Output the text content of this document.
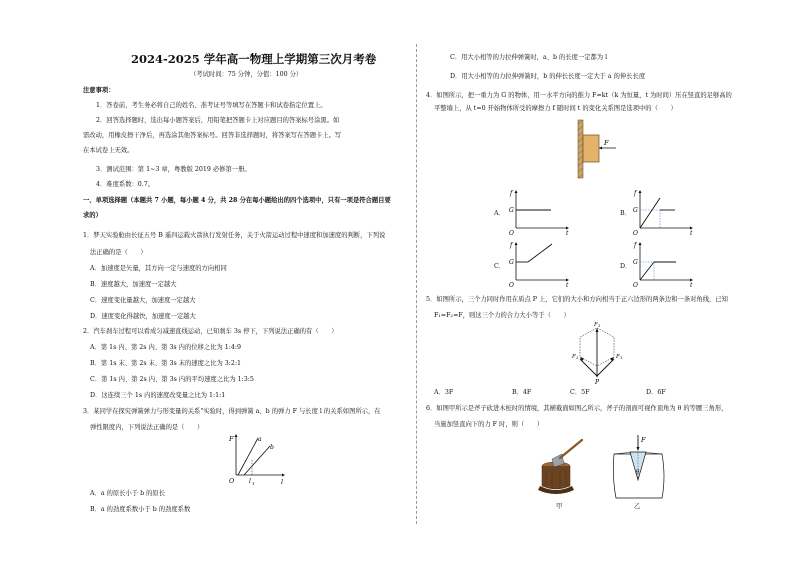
2024-2025 学年高一物理上学期第三次月考卷
（考试时间：75 分钟，分值：100 分）
注意事项：
1．答卷前，考生务必将自己的姓名、准考证号等填写在答题卡和试卷指定位置上。
2．回答选择题时，选出每小题答案后，用铅笔把答题卡上对应题目的答案标号涂黑。如
需改动，用橡皮擦干净后，再选涂其他答案标号。回答非选择题时，将答案写在答题卡上。写
在本试卷上无效。
3．测试范围：第 1~3 章，粤教版 2019 必修第一册。
4．难度系数：0.7。
一、单项选择题（本题共 7 小题，每小题 4 分，共 28 分在每小题给出的四个选项中，只有一项是符合题目要
求的）
1．梦天实验舱由长征五号 B 遥四运载火箭执行发射任务，关于火箭运动过程中速度和加速度的判断，下列说
法正确的是（　　）
A．加速度是矢量，其方向一定与速度的方向相同
B．速度越大，加速度一定越大
C．速度变化量越大，加速度一定越大
D．速度变化得越快，加速度一定越大
2．汽车刹车过程可以看成匀减速直线运动，已知刹车 3s 停下，下列说法正确的有（　　）
A．第 1s 内、第 2s 内、第 3s 内的位移之比为 1:4:9
B．第 1s 末、第 2s 末、第 3s 末的速度之比为 3:2:1
C．第 1s 内、第 2s 内、第 3s 内的平均速度之比为 1:3:5
D．这连续三个 1s 内的速度改变量之比为 1:1:1
3．某同学在探究弹簧弹力与形变量的关系"实验时，得到弹簧 a、b 的弹力 F 与长度 l 的关系如图所示，在
弹性限度内，下列说法正确的是（　　）
F
l
O l 1
a
b
A．a 的原长小于 b 的原长
B．a 的劲度系数小于 b 的劲度系数
C．用大小相等的力拉伸弹簧时，a、b 的长度一定都为 l
D．用大小相等的力拉伸弹簧时，b 的伸长长度一定大于 a 的伸长长度
4．如图所示，把一重力为 G 的物体，用一水平方向的推力 F=kt（k 为恒量，t 为时间）压在竖直的足够高的
平整墙上，从 t=0 开始物体所受的摩擦力 f 随时间 t 的变化关系图是选项中的（　　）
F
A．
f
G
O	t
B．
f
G
O	t
C．
f
G
O	t
D．
f
G
O	t
5．如图所示，三个力同时作用在质点 P 上，它们的大小和方向相当于正六边形的两条边和一条对角线，已知
F₁=F₂=F，则这三个力的合力大小等于（　　）
P
F 3
F 2	F 1
A．3F	B．4F	C．5F	D．6F
6．如图甲所示是斧子砍进木桩时的情境，其横截面如图乙所示，斧子的剖面可视作顶角为 θ 的等腰三角形，
当施加竖直向下的力 F 时，则（　　）
甲
F
θ
乙
